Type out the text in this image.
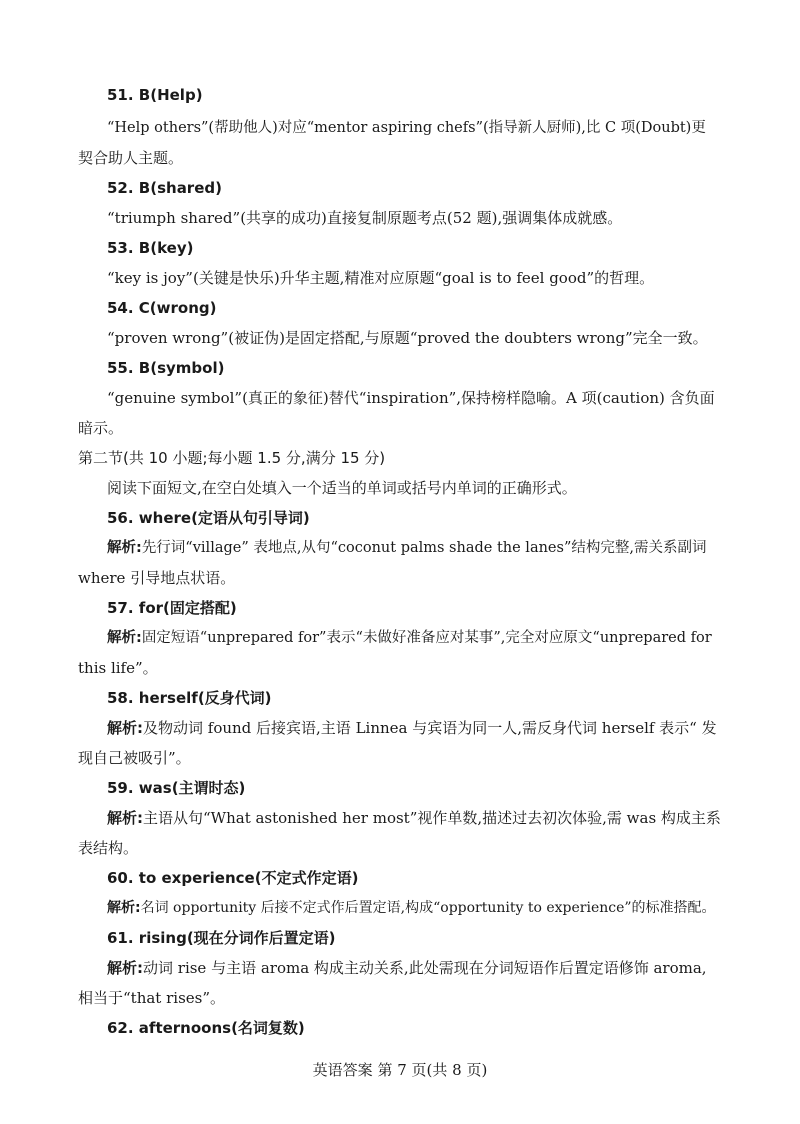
51. B(Help)
“Help others”(帮助他人)对应“mentor aspiring chefs”(指导新人厨师),比 C 项(Doubt)更
契合助人主题。
52. B(shared)
“triumph shared”(共享的成功)直接复制原题考点(52 题),强调集体成就感。
53. B(key)
“key is joy”(关键是快乐)升华主题,精准对应原题“goal is to feel good”的哲理。
54. C(wrong)
“proven wrong”(被证伪)是固定搭配,与原题“proved the doubters wrong”完全一致。
55. B(symbol)
“genuine symbol”(真正的象征)替代“inspiration”,保持榜样隐喻。A 项(caution) 含负面
暗示。
第二节(共 10 小题;每小题 1.5 分,满分 15 分)
阅读下面短文,在空白处填入一个适当的单词或括号内单词的正确形式。
56. where(定语从句引导词)
解析:先行词“village” 表地点,从句“coconut palms shade the lanes”结构完整,需关系副词
where 引导地点状语。
57. for(固定搭配)
解析:固定短语“unprepared for”表示“未做好准备应对某事”,完全对应原文“unprepared for
this life”。
58. herself(反身代词)
解析:及物动词 found 后接宾语,主语 Linnea 与宾语为同一人,需反身代词 herself 表示“ 发
现自己被吸引”。
59. was(主谓时态)
解析:主语从句“What astonished her most”视作单数,描述过去初次体验,需 was 构成主系
表结构。
60. to experience(不定式作定语)
解析:名词 opportunity 后接不定式作后置定语,构成“opportunity to experience”的标准搭配。
61. rising(现在分词作后置定语)
解析:动词 rise 与主语 aroma 构成主动关系,此处需现在分词短语作后置定语修饰 aroma,
相当于“that rises”。
62. afternoons(名词复数)
英语答案 第 7 页(共 8 页)
